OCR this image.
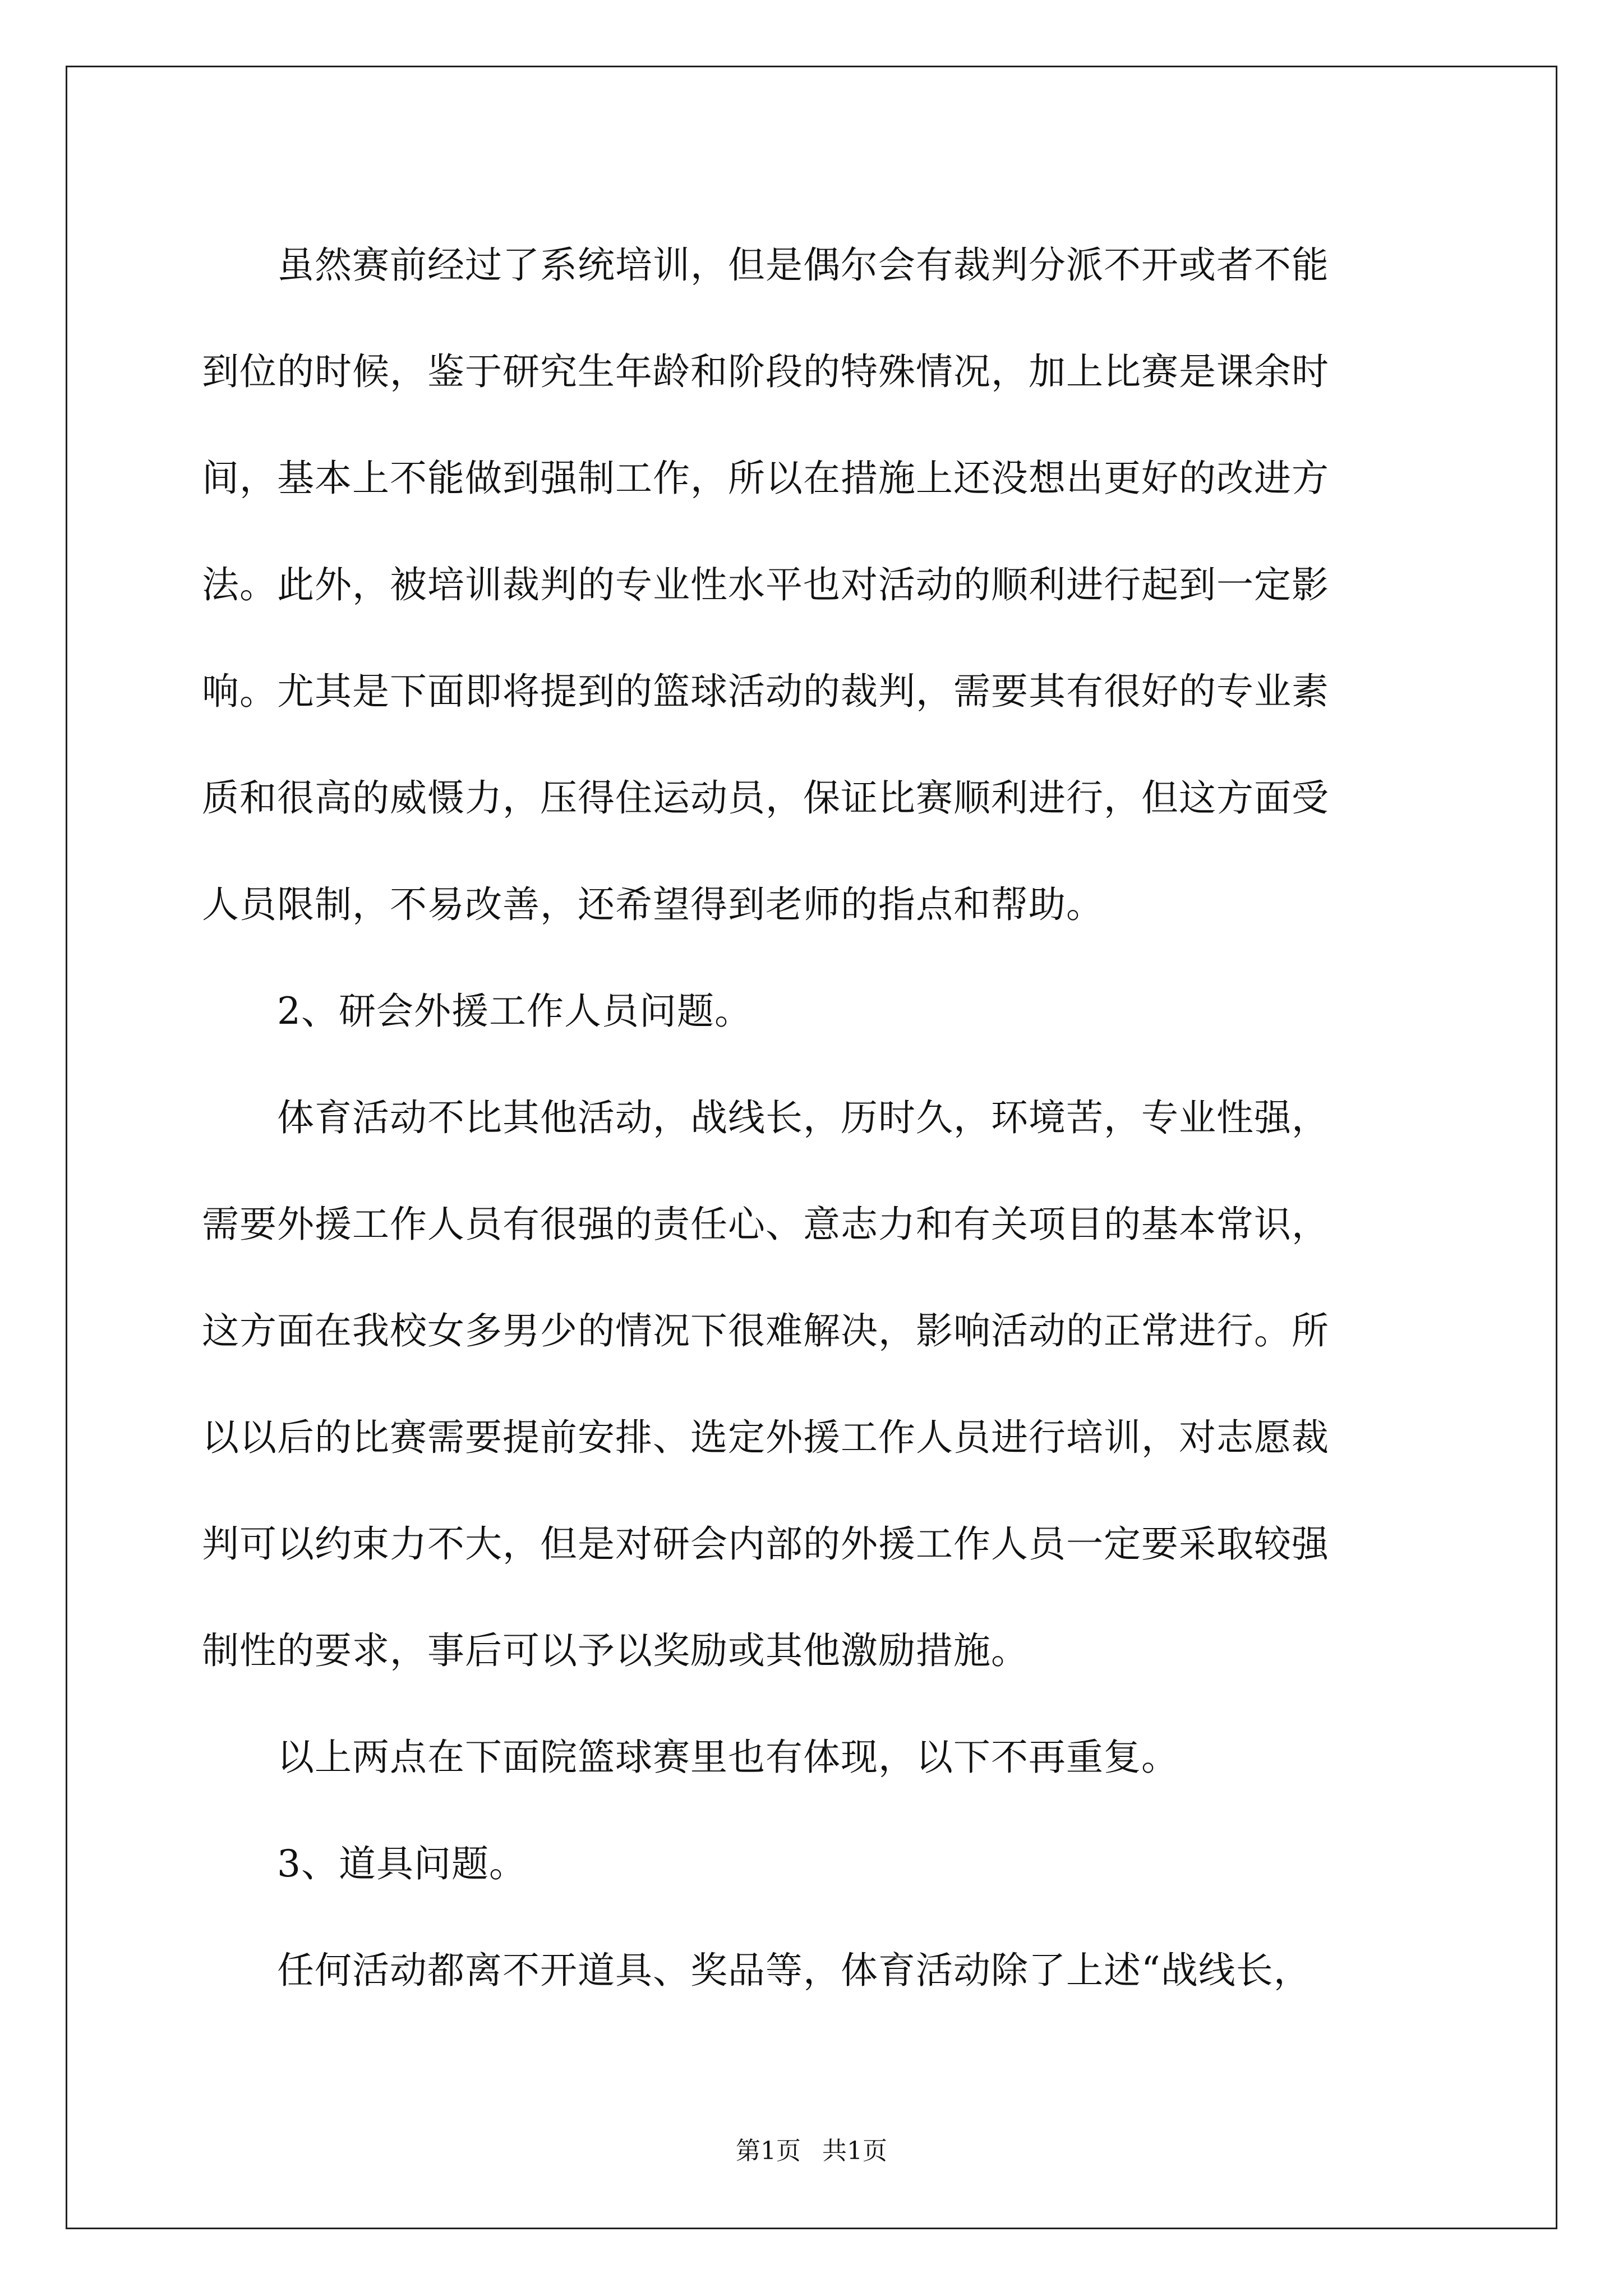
　　虽然赛前经过了系统培训，但是偶尔会有裁判分派不开或者不能
到位的时候，鉴于研究生年龄和阶段的特殊情况，加上比赛是课余时
间，基本上不能做到强制工作，所以在措施上还没想出更好的改进方
法。此外，被培训裁判的专业性水平也对活动的顺利进行起到一定影
响。尤其是下面即将提到的篮球活动的裁判，需要其有很好的专业素
质和很高的威慑力，压得住运动员，保证比赛顺利进行，但这方面受
人员限制，不易改善，还希望得到老师的指点和帮助。
　　2、研会外援工作人员问题。
　　体育活动不比其他活动，战线长，历时久，环境苦，专业性强，
需要外援工作人员有很强的责任心、意志力和有关项目的基本常识，
这方面在我校女多男少的情况下很难解决，影响活动的正常进行。所
以以后的比赛需要提前安排、选定外援工作人员进行培训，对志愿裁
判可以约束力不大，但是对研会内部的外援工作人员一定要采取较强
制性的要求，事后可以予以奖励或其他激励措施。
　　以上两点在下面院篮球赛里也有体现，以下不再重复。
　　3、道具问题。
　　任何活动都离不开道具、奖品等，体育活动除了上述“战线长，
第1页 共1页
